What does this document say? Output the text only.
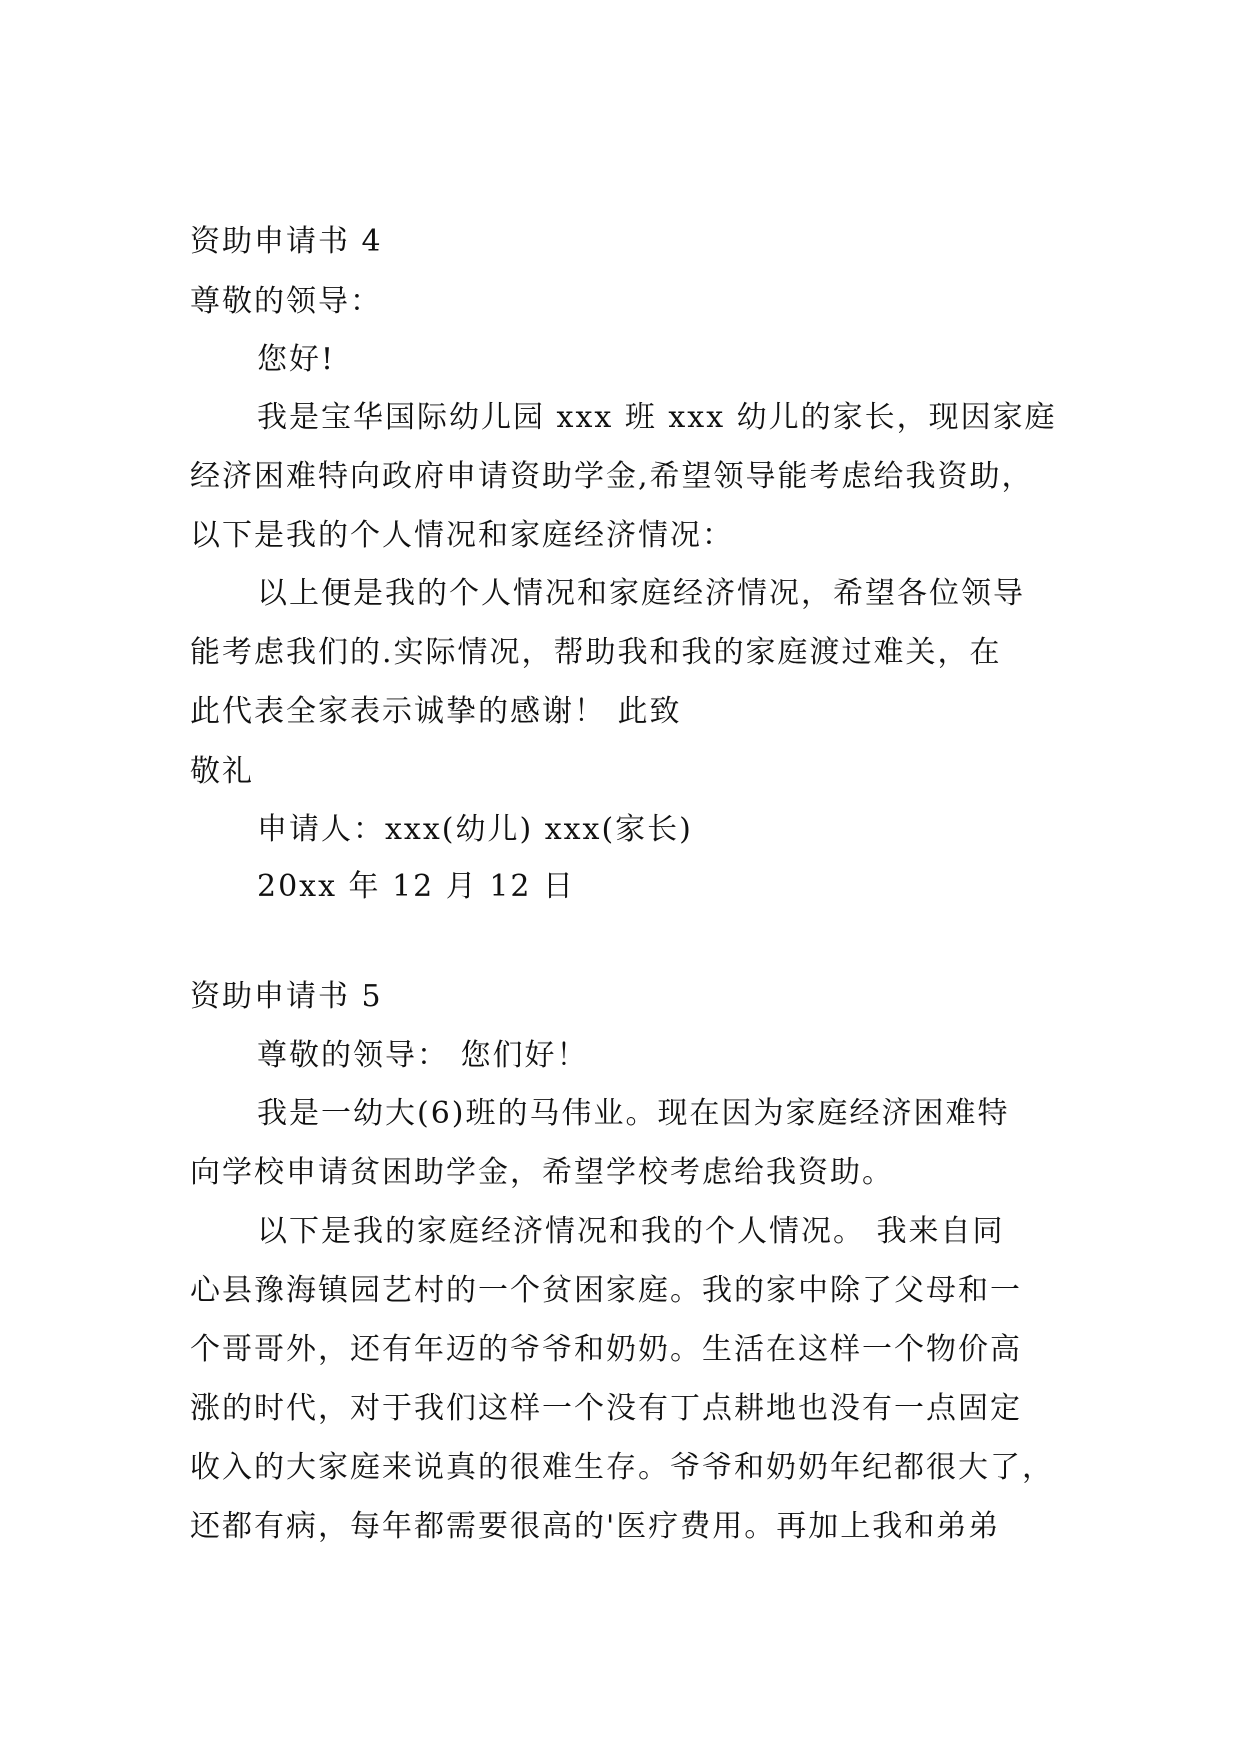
资助申请书 4
尊敬的领导：
您好!
我是宝华国际幼儿园 xxx 班 xxx 幼儿的家长，现因家庭
经济困难特向政府申请资助学金,希望领导能考虑给我资助，
以下是我的个人情况和家庭经济情况：
以上便是我的个人情况和家庭经济情况，希望各位领导
能考虑我们的.实际情况，帮助我和我的家庭渡过难关，在
此代表全家表示诚挚的感谢！ 此致
敬礼
申请人：xxx(幼儿) xxx(家长)
20xx 年 12 月 12 日
资助申请书 5
尊敬的领导： 您们好！
我是一幼大(6)班的马伟业。现在因为家庭经济困难特
向学校申请贫困助学金，希望学校考虑给我资助。
以下是我的家庭经济情况和我的个人情况。 我来自同
心县豫海镇园艺村的一个贫困家庭。我的家中除了父母和一
个哥哥外，还有年迈的爷爷和奶奶。生活在这样一个物价高
涨的时代，对于我们这样一个没有丁点耕地也没有一点固定
收入的大家庭来说真的很难生存。爷爷和奶奶年纪都很大了，
还都有病，每年都需要很高的'医疗费用。再加上我和弟弟
